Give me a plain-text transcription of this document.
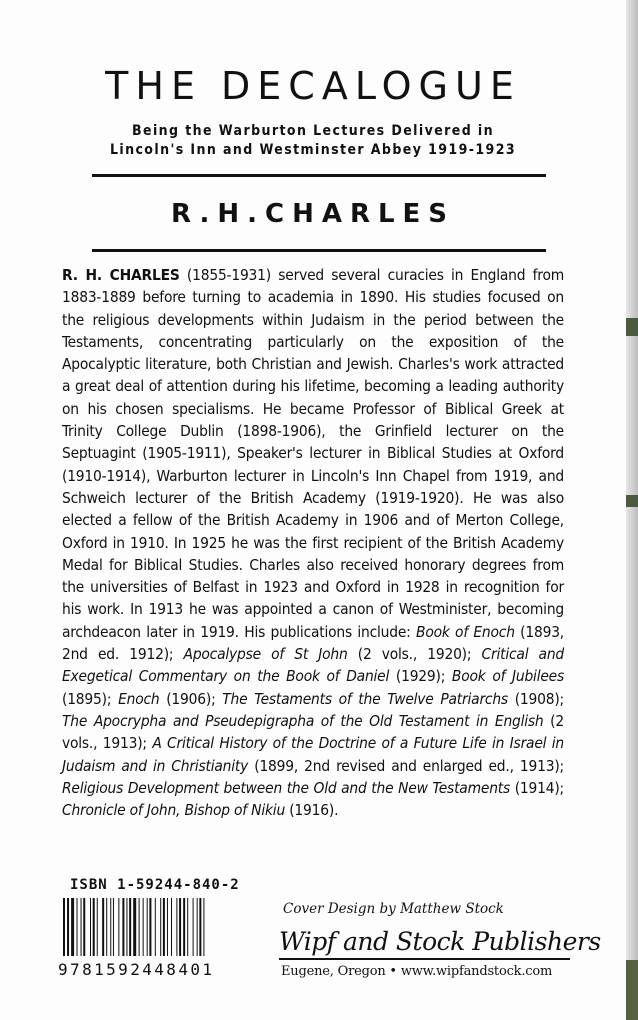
THE DECALOGUE
Being the Warburton Lectures Delivered in
Lincoln's Inn and Westminster Abbey 1919-1923
R.H.CHARLES
R. H. CHARLES (1855-1931) served several curacies in England from 1883-1889 before turning to academia in 1890. His studies focused on the religious developments within Judaism in the period between the Testaments, concentrating particularly on the exposition of the Apocalyptic literature, both Christian and Jewish. Charles's work attracted a great deal of attention during his lifetime, becoming a leading authority on his chosen specialisms. He became Professor of Biblical Greek at Trinity College Dublin (1898-1906), the Grinfield lecturer on the Septuagint (1905-1911), Speaker's lecturer in Biblical Studies at Oxford (1910-1914), Warburton lecturer in Lincoln's Inn Chapel from 1919, and Schweich lecturer of the British Academy (1919-1920). He was also elected a fellow of the British Academy in 1906 and of Merton College, Oxford in 1910. In 1925 he was the first recipient of the British Academy Medal for Biblical Studies. Charles also received honorary degrees from the universities of Belfast in 1923 and Oxford in 1928 in recognition for his work. In 1913 he was appointed a canon of Westminister, becoming archdeacon later in 1919. His publications include: Book of Enoch (1893, 2nd ed. 1912); Apocalypse of St John (2 vols., 1920); Critical and Exegetical Commentary on the Book of Daniel (1929); Book of Jubilees (1895); Enoch (1906); The Testaments of the Twelve Patriarchs (1908); The Apocrypha and Pseudepigrapha of the Old Testament in English (2 vols., 1913); A Critical History of the Doctrine of a Future Life in Israel in Judaism and in Christianity (1899, 2nd revised and enlarged ed., 1913); Religious Development between the Old and the New Testaments (1914); Chronicle of John, Bishop of Nikiu (1916).
ISBN 1-59244-840-2
9781592448401
Cover Design by Matthew Stock
Wipf and Stock Publishers
Eugene, Oregon • www.wipfandstock.com
